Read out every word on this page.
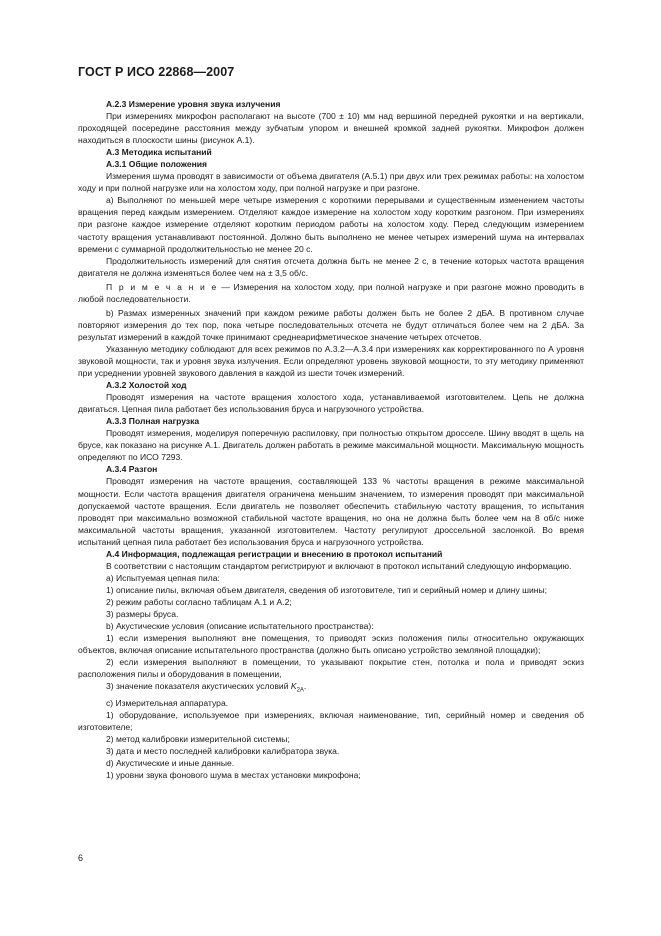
ГОСТ Р ИСО 22868—2007

А.2.3 Измерение уровня звука излучения

При измерениях микрофон располагают на высоте (700 ± 10) мм над вершиной передней рукоятки и на вертикали, проходящей посередине расстояния между зубчатым упором и внешней кромкой задней рукоятки. Микрофон должен находиться в плоскости шины (рисунок А.1).

А.3 Методика испытаний

А.3.1 Общие положения

Измерения шума проводят в зависимости от объема двигателя (А.5.1) при двух или трех режимах работы: на холостом ходу и при полной нагрузке или на холостом ходу, при полной нагрузке и при разгоне.

а) Выполняют по меньшей мере четыре измерения с короткими перерывами и существенным изменением частоты вращения перед каждым измерением. Отделяют каждое измерение на холостом ходу коротким разгоном. При измерениях при разгоне каждое измерение отделяют коротким периодом работы на холостом ходу. Перед следующим измерением частоту вращения устанавливают постоянной. Должно быть выполнено не менее четырех измерений шума на интервалах времени с суммарной продолжительностью не менее 20 с.

Продолжительность измерений для снятия отсчета должна быть не менее 2 с, в течение которых частота вращения двигателя не должна изменяться более чем на ± 3,5 об/с.

П р и м е ч а н и е — Измерения на холостом ходу, при полной нагрузке и при разгоне можно проводить в любой последовательности.

b) Размах измеренных значений при каждом режиме работы должен быть не более 2 дБА. В противном случае повторяют измерения до тех пор, пока четыре последовательных отсчета не будут отличаться более чем на 2 дБА. За результат измерений в каждой точке принимают среднеарифметическое значение четырех отсчетов.

Указанную методику соблюдают для всех режимов по А.3.2—А.3.4 при измерениях как корректированного по А уровня звуковой мощности, так и уровня звука излучения. Если определяют уровень звуковой мощности, то эту методику применяют при усреднении уровней звукового давления в каждой из шести точек измерений.

А.3.2 Холостой ход

Проводят измерения на частоте вращения холостого хода, устанавливаемой изготовителем. Цепь не должна двигаться. Цепная пила работает без использования бруса и нагрузочного устройства.

А.3.3 Полная нагрузка

Проводят измерения, моделируя поперечную распиловку, при полностью открытом дросселе. Шину вводят в щель на брусе, как показано на рисунке А.1. Двигатель должен работать в режиме максимальной мощности. Максимальную мощность определяют по ИСО 7293.

А.3.4 Разгон

Проводят измерения на частоте вращения, составляющей 133 % частоты вращения в режиме максимальной мощности. Если частота вращения двигателя ограничена меньшим значением, то измерения проводят при максимальной допускаемой частоте вращения. Если двигатель не позволяет обеспечить стабильную частоту вращения, то испытания проводят при максимально возможной стабильной частоте вращения, но она не должна быть более чем на 8 об/с ниже максимальной частоты вращения, указанной изготовителем. Частоту регулируют дроссельной заслонкой. Во время испытаний цепная пила работает без использования бруса и нагрузочного устройства.

А.4 Информация, подлежащая регистрации и внесению в протокол испытаний

В соответствии с настоящим стандартом регистрируют и включают в протокол испытаний следующую информацию.

а) Испытуемая цепная пила:

1) описание пилы, включая объем двигателя, сведения об изготовителе, тип и серийный номер и длину шины;

2) режим работы согласно таблицам А.1 и А.2;

3) размеры бруса.

b) Акустические условия (описание испытательного пространства):

1) если измерения выполняют вне помещения, то приводят эскиз положения пилы относительно окружающих объектов, включая описание испытательного пространства (должно быть описано устройство земляной площадки);

2) если измерения выполняют в помещении, то указывают покрытие стен, потолка и пола и приводят эскиз расположения пилы и оборудования в помещении,

3) значение показателя акустических условий $K_{2A}$.

с) Измерительная аппаратура.

1) оборудование, используемое при измерениях, включая наименование, тип, серийный номер и сведения об изготовителе;

2) метод калибровки измерительной системы;

3) дата и место последней калибровки калибратора звука.

d) Акустические и иные данные.

1) уровни звука фонового шума в местах установки микрофона;

6
